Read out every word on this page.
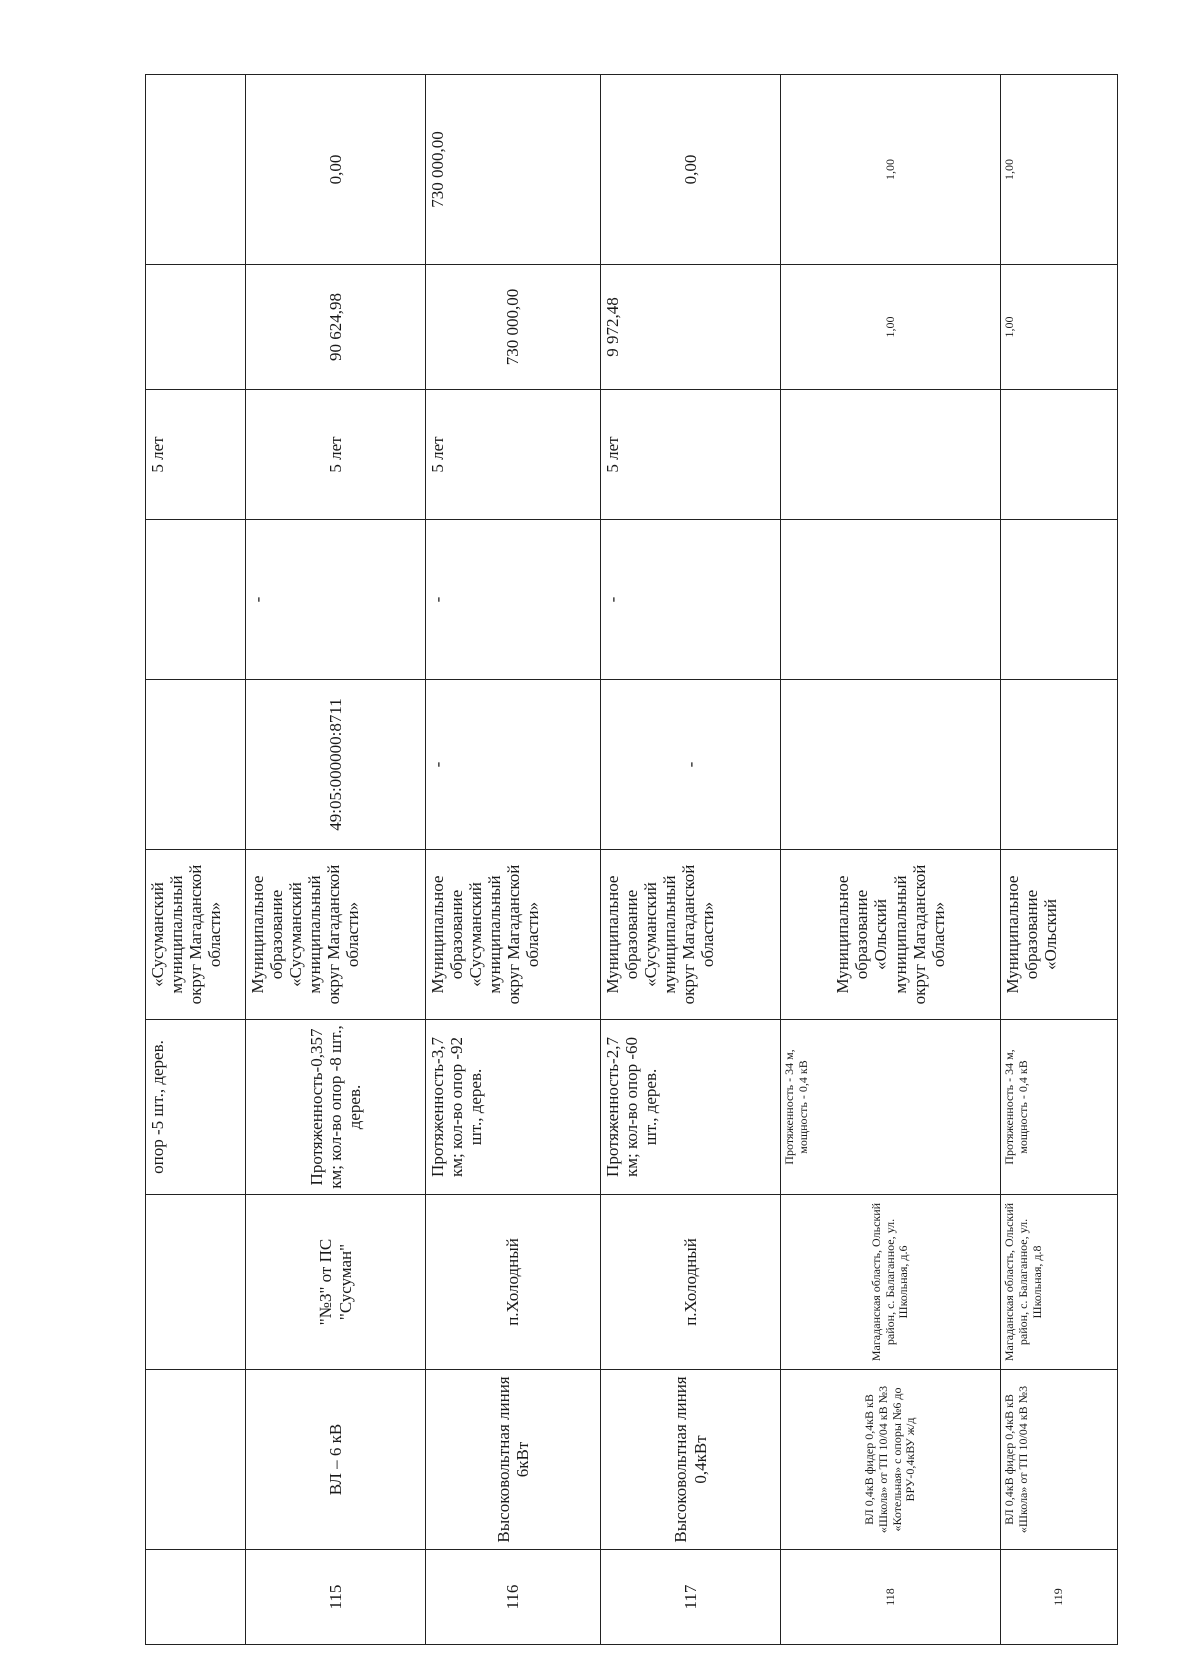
			опор -5 шт., дерев.	«Сусуманский муниципальный округ Магаданской области»			5 лет		
115	ВЛ – 6 кВ	"№3" от ПС "Сусуман"	Протяженность-0,357 км; кол-во опор -8 шт., дерев.	Муниципальное образование «Сусуманский муниципальный округ Магаданской области»	49:05:000000:8711	-	5 лет	90 624,98	0,00
116	Высоковольтная линия 6кВт	п.Холодный	Протяженность-3,7 км; кол-во опор -92 шт., дерев.	Муниципальное образование «Сусуманский муниципальный округ Магаданской области»	-	-	5 лет	730 000,00	730 000,00
117	Высоковольтная линия 0,4кВт	п.Холодный	Протяженность-2,7 км; кол-во опор -60 шт., дерев.	Муниципальное образование «Сусуманский муниципальный округ Магаданской области»	-	-	5 лет	9 972,48	0,00
118	ВЛ 0,4кВ фидер 0,4кВ кВ «Школа» от ТП 10/04 кВ №3 «Котельная» с опоры №6 до ВРУ-0,4кВУ ж/д	Магаданская область, Ольский район, с. Балаганное, ул. Школьная, д.6	Протяженность - 34 м, мощность - 0,4 кВ	Муниципальное образование «Ольский муниципальный округ Магаданской области»				1,00	1,00
119	ВЛ 0,4кВ фидер 0,4кВ кВ «Школа» от ТП 10/04 кВ №3	Магаданская область, Ольский район, с. Балаганное, ул. Школьная, д.8	Протяженность - 34 м, мощность - 0,4 кВ	Муниципальное образование «Ольский				1,00	1,00
